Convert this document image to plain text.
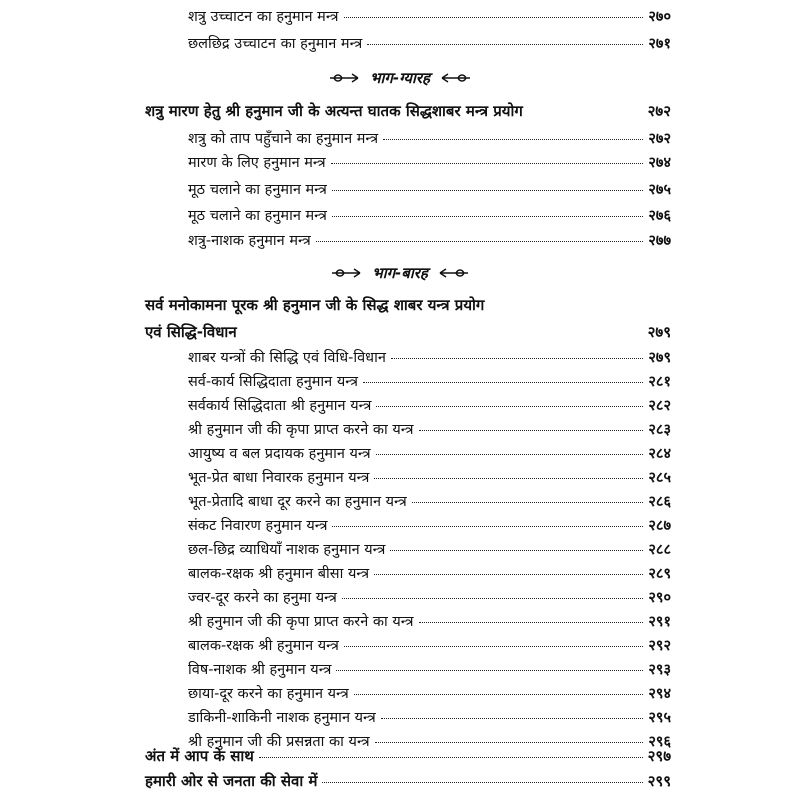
शत्रु उच्चाटन का हनुमान मन्त्र	२७०
छलछिद्र उच्चाटन का हनुमान मन्त्र	२७१
भाग-ग्यारह
शत्रु मारण हेतु श्री हनुमान जी के अत्यन्त घातक सिद्धशाबर मन्त्र प्रयोग	२७२
शत्रु को ताप पहुँचाने का हनुमान मन्त्र	२७२
मारण के लिए हनुमान मन्त्र	२७४
मूठ चलाने का हनुमान मन्त्र	२७५
मूठ चलाने का हनुमान मन्त्र	२७६
शत्रु-नाशक हनुमान मन्त्र	२७७
भाग-बारह
सर्व मनोकामना पूरक श्री हनुमान जी के सिद्ध शाबर यन्त्र प्रयोग
एवं सिद्धि-विधान	२७९
शाबर यन्त्रों की सिद्धि एवं विधि-विधान	२७९
सर्व-कार्य सिद्धिदाता हनुमान यन्त्र	२८१
सर्वकार्य सिद्धिदाता श्री हनुमान यन्त्र	२८२
श्री हनुमान जी की कृपा प्राप्त करने का यन्त्र	२८३
आयुष्य व बल प्रदायक हनुमान यन्त्र	२८४
भूत-प्रेत बाधा निवारक हनुमान यन्त्र	२८५
भूत-प्रेतादि बाधा दूर करने का हनुमान यन्त्र	२८६
संकट निवारण हनुमान यन्त्र	२८७
छल-छिद्र व्याधियाँ नाशक हनुमान यन्त्र	२८८
बालक-रक्षक श्री हनुमान बीसा यन्त्र	२८९
ज्वर-दूर करने का हनुमा यन्त्र	२९०
श्री हनुमान जी की कृपा प्राप्त करने का यन्त्र	२९१
बालक-रक्षक श्री हनुमान यन्त्र	२९२
विष-नाशक श्री हनुमान यन्त्र	२९३
छाया-दूर करने का हनुमान यन्त्र	२९४
डाकिनी-शाकिनी नाशक हनुमान यन्त्र	२९५
श्री हनुमान जी की प्रसन्नता का यन्त्र	२९६
अंत में आप के साथ	२९७
हमारी ओर से जनता की सेवा में	२९९
